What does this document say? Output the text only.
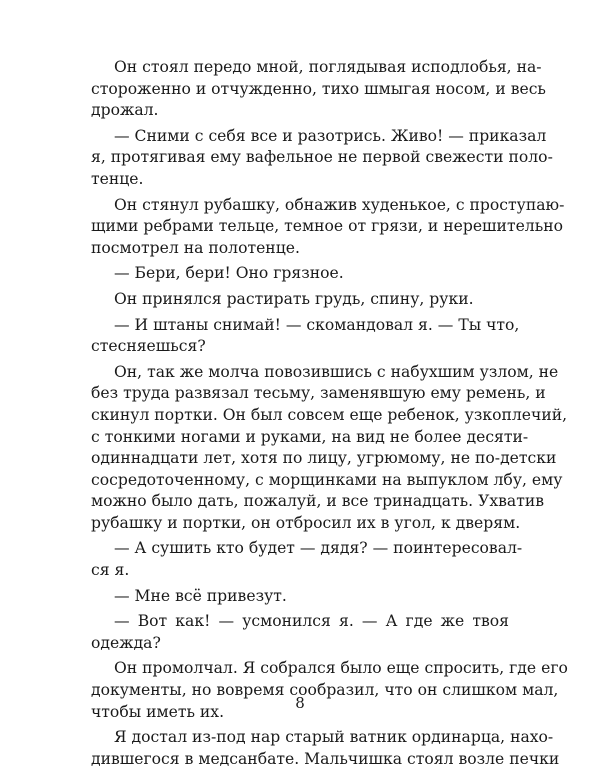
Он стоял передо мной, поглядывая исподлобья, на-
стороженно и отчужденно, тихо шмыгая носом, и весь
дрожал.
— Сними с себя все и разотрись. Живо! — приказал
я, протягивая ему вафельное не первой свежести поло-
тенце.
Он стянул рубашку, обнажив худенькое, с проступаю-
щими ребрами тельце, темное от грязи, и нерешительно
посмотрел на полотенце.
— Бери, бери! Оно грязное.
Он принялся растирать грудь, спину, руки.
— И штаны снимай! — скомандовал я. — Ты что,
стесняешься?
Он, так же молча повозившись с набухшим узлом, не
без труда развязал тесьму, заменявшую ему ремень, и
скинул портки. Он был совсем еще ребенок, узкоплечий,
с тонкими ногами и руками, на вид не более десяти-
одиннадцати лет, хотя по лицу, угрюмому, не по-детски
сосредоточенному, с морщинками на выпуклом лбу, ему
можно было дать, пожалуй, и все тринадцать. Ухватив
рубашку и портки, он отбросил их в угол, к дверям.
— А сушить кто будет — дядя? — поинтересовал-
ся я.
— Мне всё привезут.
— Вот как! — усмонился я. — А где же твоя
одежда?
Он промолчал. Я собрался было еще спросить, где его
документы, но вовремя сообразил, что он слишком мал,
чтобы иметь их.
Я достал из-под нар старый ватник ординарца, нахо-
дившегося в медсанбате. Мальчишка стоял возле печки
8
